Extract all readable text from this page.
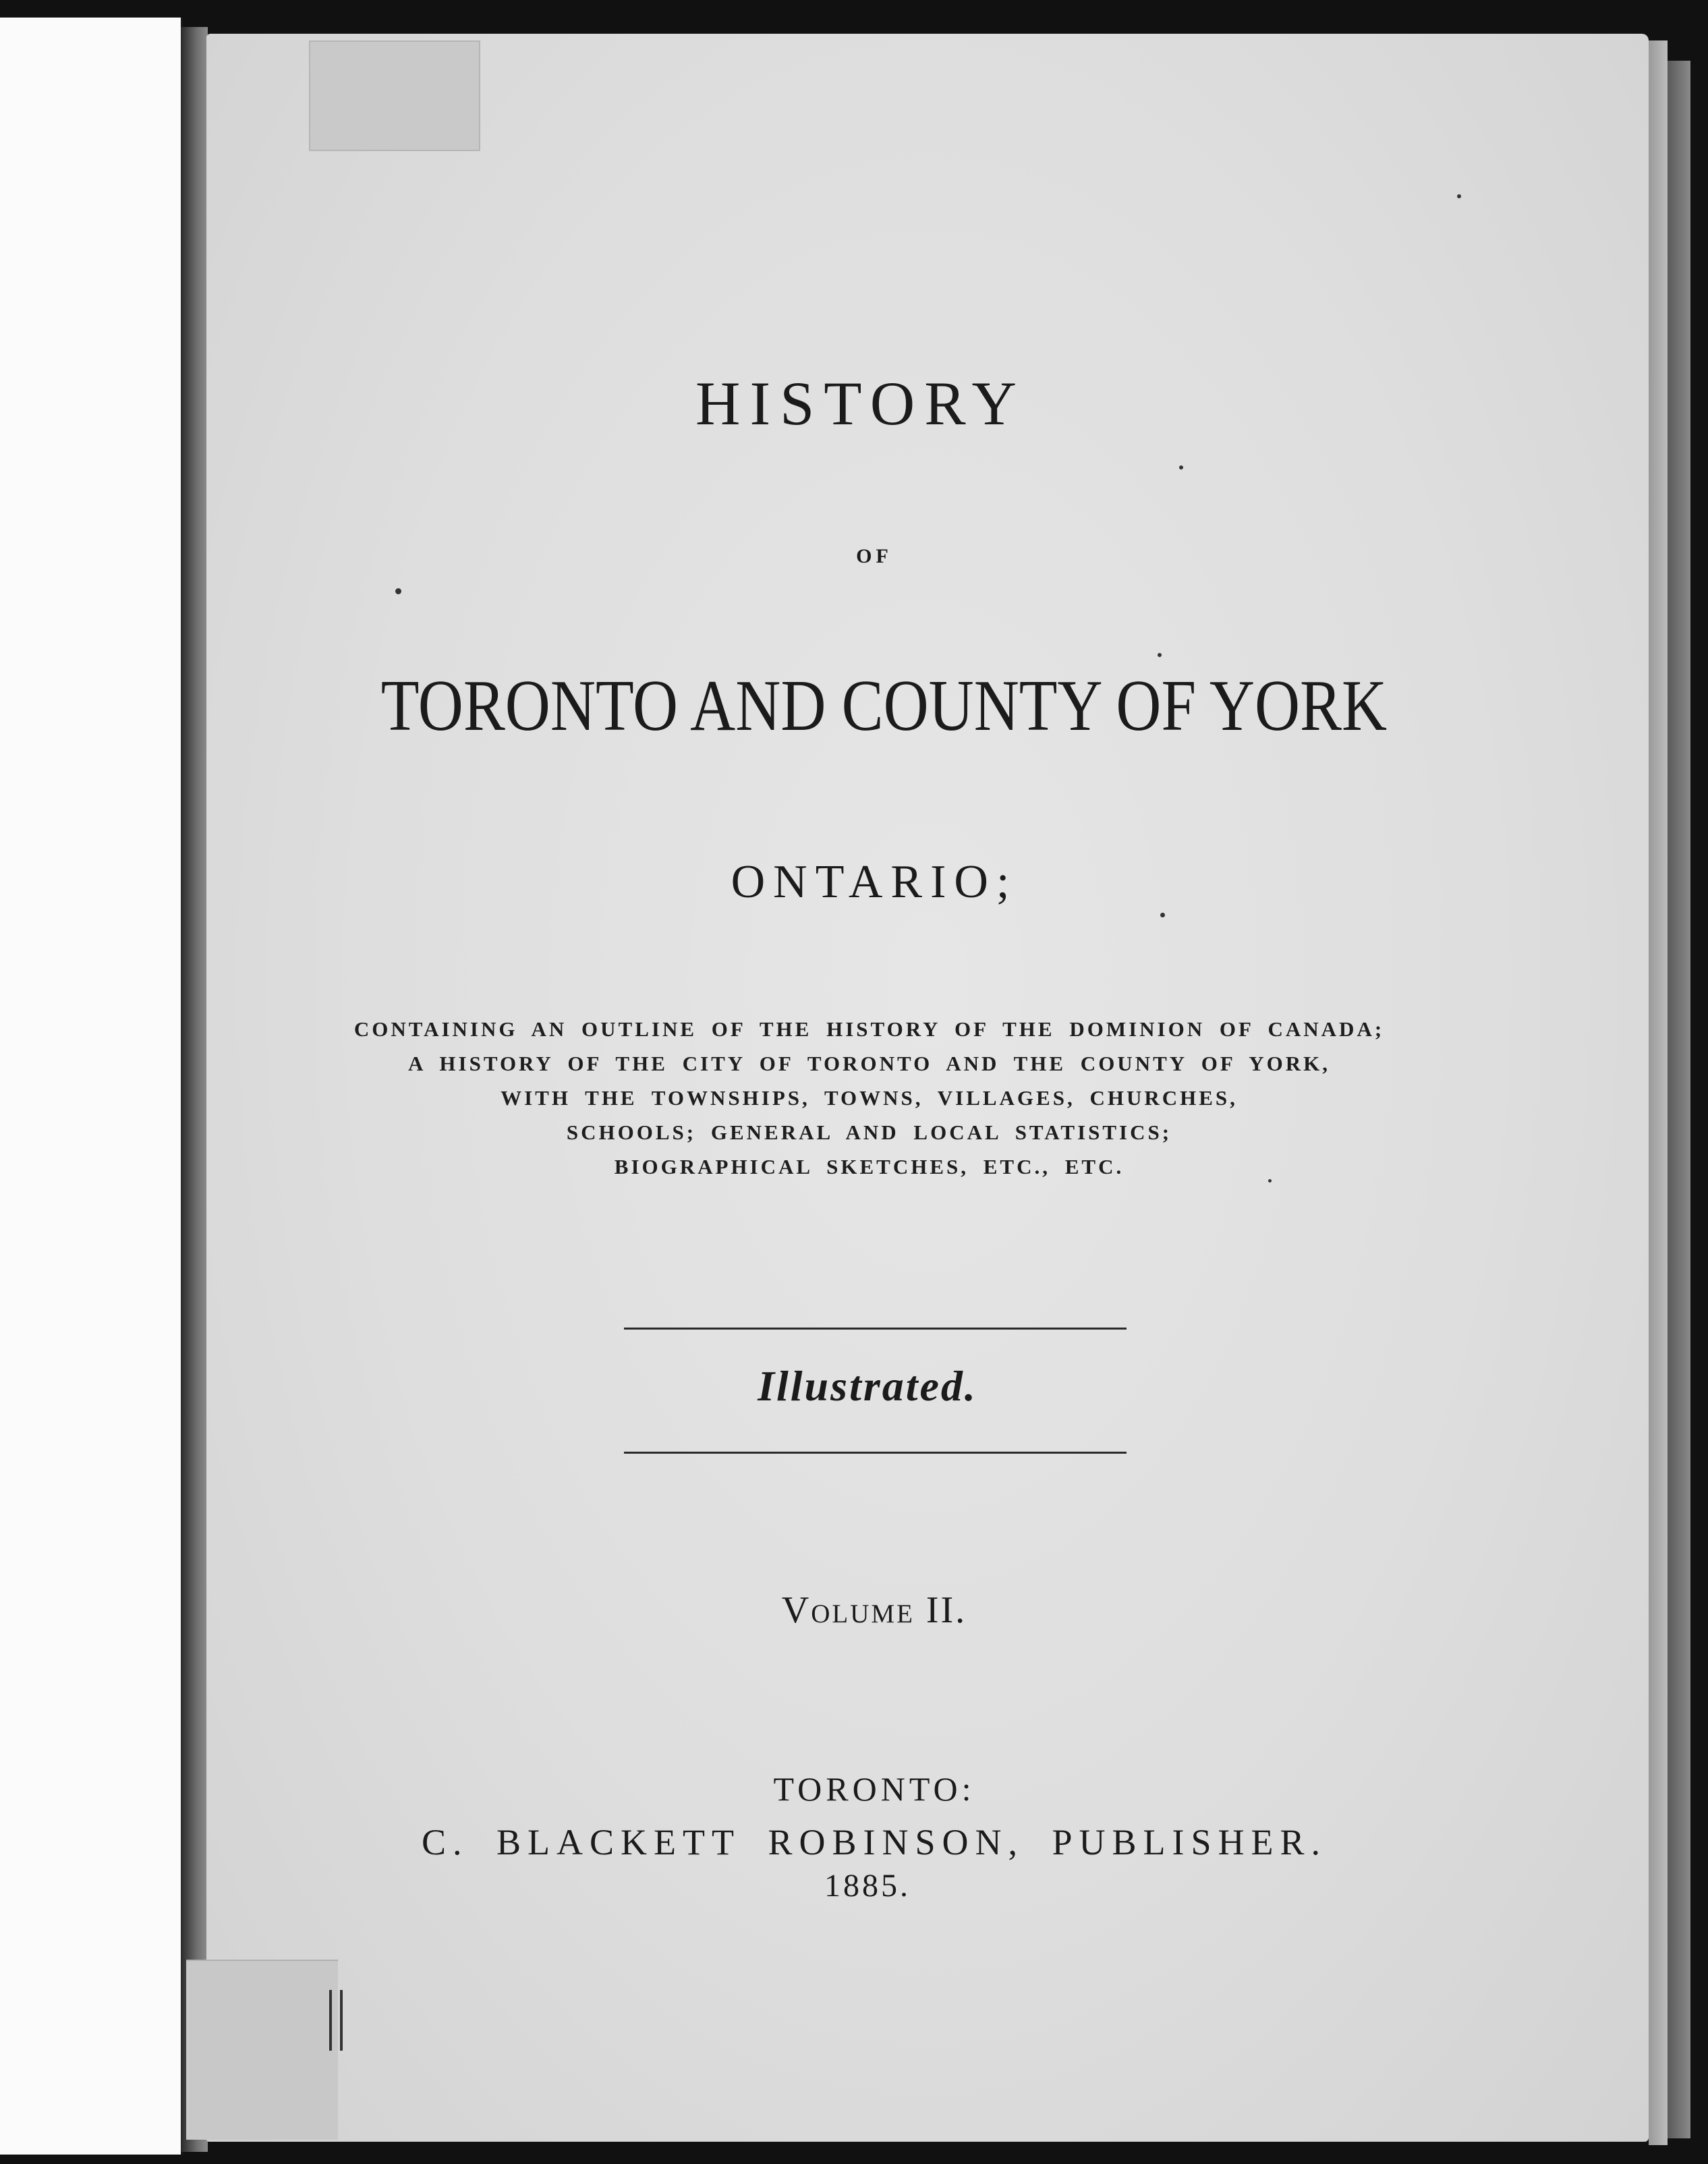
HISTORY
OF
TORONTO AND COUNTY OF YORK
ONTARIO;
CONTAINING AN OUTLINE OF THE HISTORY OF THE DOMINION OF CANADA;
A HISTORY OF THE CITY OF TORONTO AND THE COUNTY OF YORK,
WITH THE TOWNSHIPS, TOWNS, VILLAGES, CHURCHES,
SCHOOLS; GENERAL AND LOCAL STATISTICS;
BIOGRAPHICAL SKETCHES, ETC., ETC.
Illustrated.
Volume II.
TORONTO:
C. BLACKETT ROBINSON, PUBLISHER.
1885.
